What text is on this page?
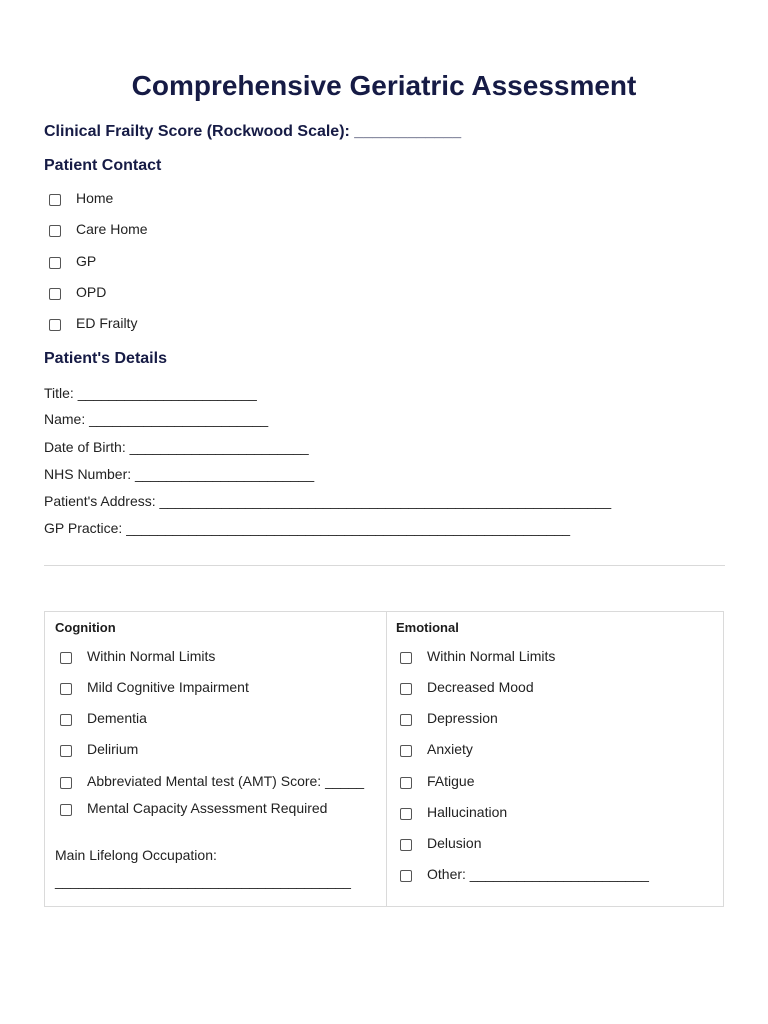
Comprehensive Geriatric Assessment
Clinical Frailty Score (Rockwood Scale): ____________
Patient Contact
Home
Care Home
GP
OPD
ED Frailty
Patient's Details
Title: _______________________
Name: _______________________
Date of Birth: _______________________
NHS Number: _______________________
Patient's Address: __________________________________________________________
GP Practice: _________________________________________________________
Cognition
Within Normal Limits
Mild Cognitive Impairment
Dementia
Delirium
Abbreviated Mental test (AMT) Score: _____
Mental Capacity Assessment Required
Main Lifelong Occupation:
______________________________________
Emotional
Within Normal Limits
Decreased Mood
Depression
Anxiety
FAtigue
Hallucination
Delusion
Other: _______________________
